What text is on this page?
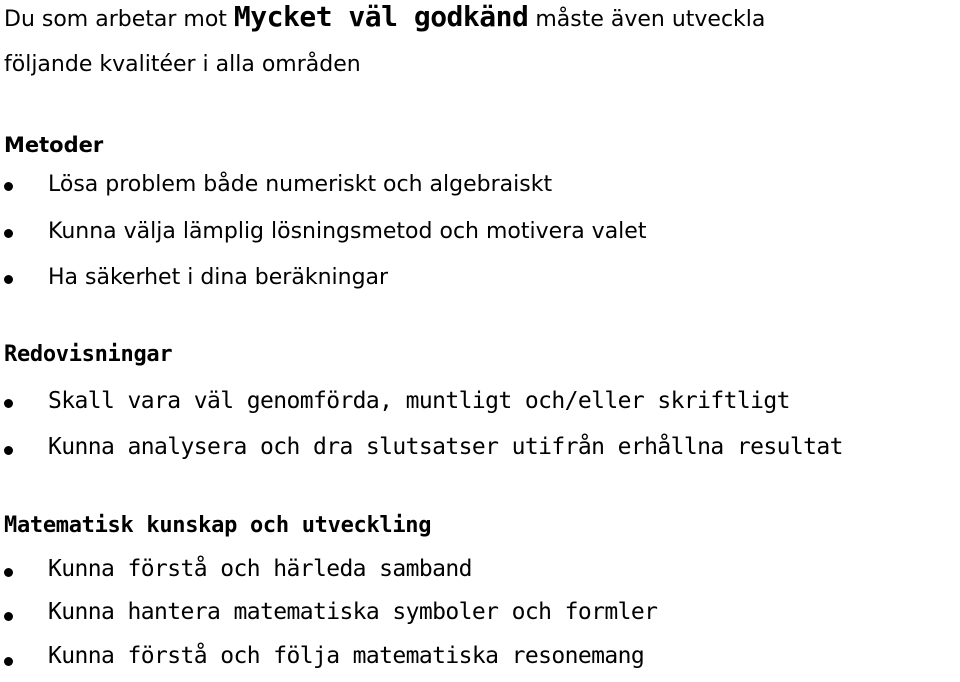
Du som arbetar mot Mycket väl godkänd måste även utveckla
följande kvalitéer i alla områden
Metoder
Lösa problem både numeriskt och algebraiskt
Kunna välja lämplig lösningsmetod och motivera valet
Ha säkerhet i dina beräkningar
Redovisningar
Skall vara väl genomförda, muntligt och/eller skriftligt
Kunna analysera och dra slutsatser utifrån erhållna resultat
Matematisk kunskap och utveckling
Kunna förstå och härleda samband
Kunna hantera matematiska symboler och formler
Kunna förstå och följa matematiska resonemang
